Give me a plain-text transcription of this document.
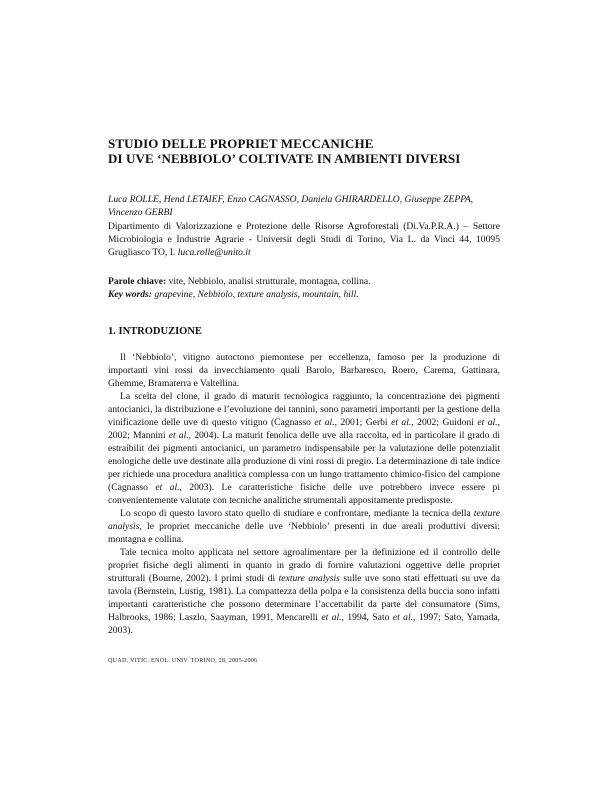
STUDIO DELLE PROPRIET MECCANICHE
DI UVE ‘NEBBIOLO’ COLTIVATE IN AMBIENTI DIVERSI
Luca ROLLE, Hend LETAIEF, Enzo CAGNASSO, Daniela GHIRARDELLO, Giuseppe ZEPPA,
Vincenzo GERBI
Dipartimento di Valorizzazione e Protezione delle Risorse Agroforestali (Di.Va.P.R.A.) – Settore Microbiologia e Industrie Agrarie - Universit degli Studi di Torino, Via L. da Vinci 44, 10095 Grugliasco TO, I. luca.rolle@unito.it
Parole chiave: vite, Nebbiolo, analisi strutturale, montagna, collina.
Key words: grapevine, Nebbiolo, texture analysis, mountain, hill.
1. INTRODUZIONE

Il ‘Nebbiolo’, vitigno autoctono piemontese per eccellenza, famoso per la produzione di importanti vini rossi da invecchiamento quali Barolo, Barbaresco, Roero, Carema, Gattinara, Ghemme, Bramaterra e Valtellina.

La scelta del clone, il grado di maturit tecnologica raggiunto, la concentrazione dei pigmenti antocianici, la distribuzione e l’evoluzione dei tannini, sono parametri importanti per la gestione della vinificazione delle uve di questo vitigno (Cagnasso et al., 2001; Gerbi et al., 2002; Guidoni et al., 2002; Mannini et al., 2004). La maturit fenolica delle uve alla raccolta, ed in particolare il grado di estraibilit dei pigmenti antocianici, un parametro indispensabile per la valutazione delle potenzialit enologiche delle uve destinate alla produzione di vini rossi di pregio. La determinazione di tale indice per richiede una procedura analitica complessa con un lungo trattamento chimico-fisico del campione (Cagnasso et al., 2003). Le caratteristiche fisiche delle uve potrebbero invece essere pi convenientemente valutate con tecniche analitiche strumentali appositamente predisposte.

Lo scopo di questo lavoro stato quello di studiare e confrontare, mediante la tecnica della texture analysis, le propriet meccaniche delle uve ‘Nebbiolo’ presenti in due areali produttivi diversi: montagna e collina.

Tale tecnica molto applicata nel settore agroalimentare per la definizione ed il controllo delle propriet fisiche degli alimenti in quanto in grado di fornire valutazioni oggettive delle propriet strutturali (Bourne, 2002). I primi studi di texture analysis sulle uve sono stati effettuati su uve da tavola (Bernstein, Lustig, 1981). La compattezza della polpa e la consistenza della buccia sono infatti importanti caratteristiche che possono determinare l’accettabilit da parte del consumatore (Sims, Halbrooks, 1986; Laszlo, Saayman, 1991, Mencarelli et al., 1994, Sato et al., 1997; Sato, Yamada, 2003).

QUAD. VITIC. ENOL. UNIV. TORINO, 28, 2005-2006
